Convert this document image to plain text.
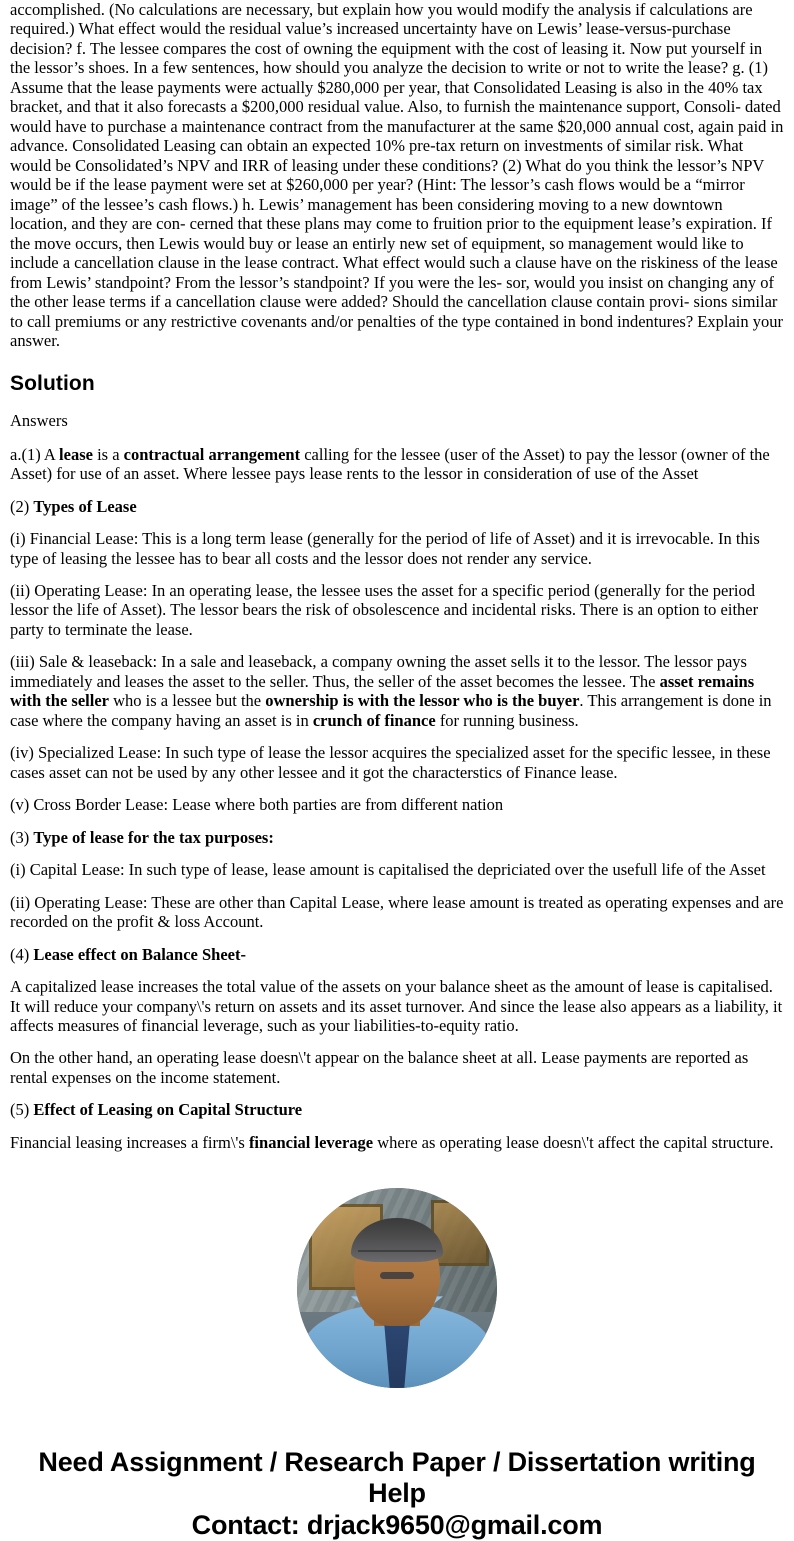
accomplished. (No calculations are necessary, but explain how you would modify the analysis if calculations are required.) What effect would the residual value’s increased uncertainty have on Lewis’ lease-versus-purchase decision? f. The lessee compares the cost of owning the equipment with the cost of leasing it. Now put yourself in the lessor’s shoes. In a few sentences, how should you analyze the decision to write or not to write the lease? g. (1) Assume that the lease payments were actually $280,000 per year, that Consolidated Leasing is also in the 40% tax bracket, and that it also forecasts a $200,000 residual value. Also, to furnish the maintenance support, Consoli- dated would have to purchase a maintenance contract from the manufacturer at the same $20,000 annual cost, again paid in advance. Consolidated Leasing can obtain an expected 10% pre-tax return on investments of similar risk. What would be Consolidated’s NPV and IRR of leasing under these conditions? (2) What do you think the lessor’s NPV would be if the lease payment were set at $260,000 per year? (Hint: The lessor’s cash flows would be a “mirror image” of the lessee’s cash flows.) h. Lewis’ management has been considering moving to a new downtown location, and they are con- cerned that these plans may come to fruition prior to the equipment lease’s expiration. If the move occurs, then Lewis would buy or lease an entirly new set of equipment, so management would like to include a cancellation clause in the lease contract. What effect would such a clause have on the riskiness of the lease from Lewis’ standpoint? From the lessor’s standpoint? If you were the les- sor, would you insist on changing any of the other lease terms if a cancellation clause were added? Should the cancellation clause contain provi- sions similar to call premiums or any restrictive covenants and/or penalties of the type contained in bond indentures? Explain your answer.

Solution

Answers

a.(1) A lease is a contractual arrangement calling for the lessee (user of the Asset) to pay the lessor (owner of the Asset) for use of an asset. Where lessee pays lease rents to the lessor in consideration of use of the Asset

(2) Types of Lease

(i) Financial Lease: This is a long term lease (generally for the period of life of Asset) and it is irrevocable. In this type of leasing the lessee has to bear all costs and the lessor does not render any service.

(ii) Operating Lease: In an operating lease, the lessee uses the asset for a specific period (generally for the period lessor the life of Asset). The lessor bears the risk of obsolescence and incidental risks. There is an option to either party to terminate the lease.

(iii) Sale & leaseback: In a sale and leaseback, a company owning the asset sells it to the lessor. The lessor pays immediately and leases the asset to the seller. Thus, the seller of the asset becomes the lessee. The asset remains with the seller who is a lessee but the ownership is with the lessor who is the buyer. This arrangement is done in case where the company having an asset is in crunch of finance for running business.

(iv) Specialized Lease: In such type of lease the lessor acquires the specialized asset for the specific lessee, in these cases asset can not be used by any other lessee and it got the characterstics of Finance lease.

(v) Cross Border Lease: Lease where both parties are from different nation

(3) Type of lease for the tax purposes:

(i) Capital Lease: In such type of lease, lease amount is capitalised the depriciated over the usefull life of the Asset

(ii) Operating Lease: These are other than Capital Lease, where lease amount is treated as operating expenses and are recorded on the profit & loss Account.

(4) Lease effect on Balance Sheet-

A capitalized lease increases the total value of the assets on your balance sheet as the amount of lease is capitalised. It will reduce your company\'s return on assets and its asset turnover. And since the lease also appears as a liability, it affects measures of financial leverage, such as your liabilities-to-equity ratio.

On the other hand, an operating lease doesn\'t appear on the balance sheet at all. Lease payments are reported as rental expenses on the income statement.

(5) Effect of Leasing on Capital Structure

Financial leasing increases a firm\'s financial leverage where as operating lease doesn\'t affect the capital structure.

Need Assignment / Research Paper / Dissertation writing Help
Contact: drjack9650@gmail.com
